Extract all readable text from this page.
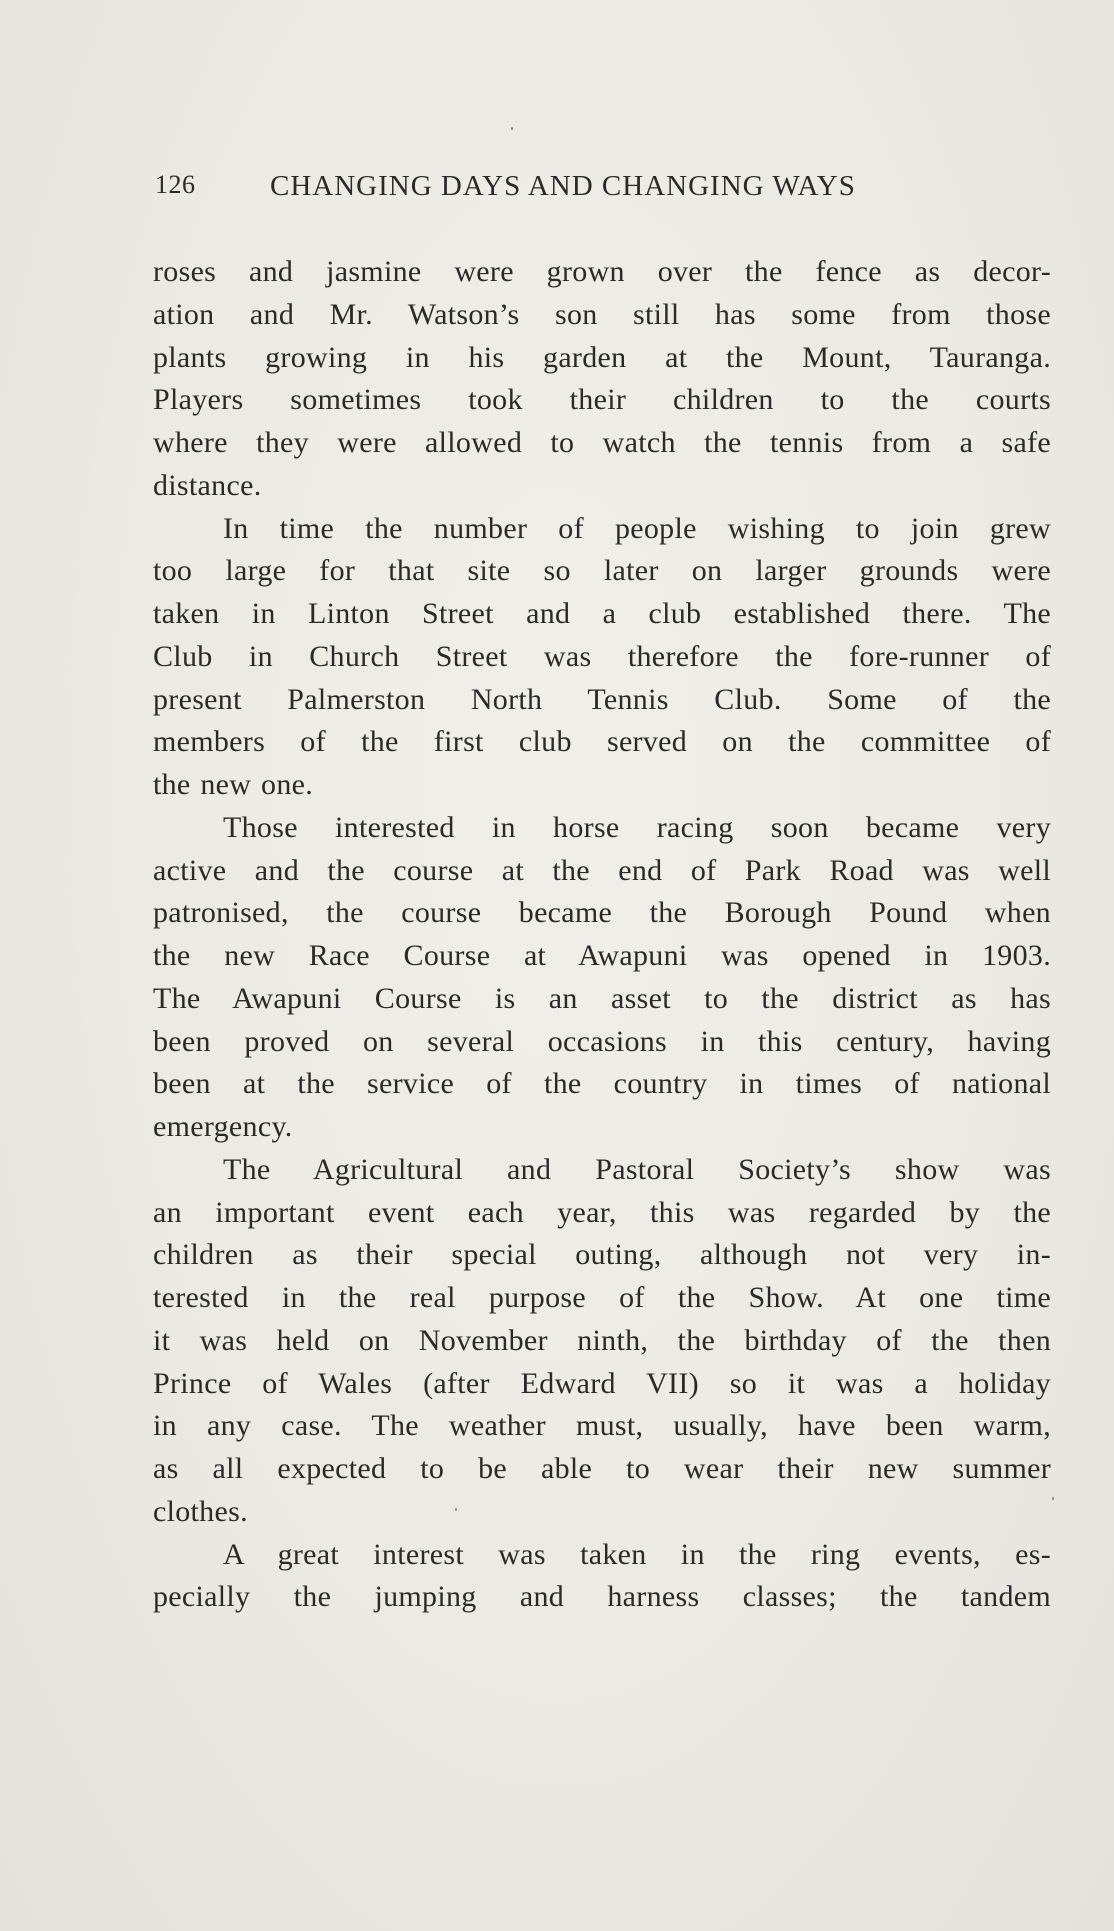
126	CHANGING DAYS AND CHANGING WAYS
roses and jasmine were grown over the fence as decor-
ation and Mr. Watson’s son still has some from those
plants growing in his garden at the Mount, Tauranga.
Players sometimes took their children to the courts
where they were allowed to watch the tennis from a safe
distance.
In time the number of people wishing to join grew
too large for that site so later on larger grounds were
taken in Linton Street and a club established there. The
Club in Church Street was therefore the fore-runner of
present Palmerston North Tennis Club. Some of the
members of the first club served on the committee of
the new one.
Those interested in horse racing soon became very
active and the course at the end of Park Road was well
patronised, the course became the Borough Pound when
the new Race Course at Awapuni was opened in 1903.
The Awapuni Course is an asset to the district as has
been proved on several occasions in this century, having
been at the service of the country in times of national
emergency.
The Agricultural and Pastoral Society’s show was
an important event each year, this was regarded by the
children as their special outing, although not very in-
terested in the real purpose of the Show. At one time
it was held on November ninth, the birthday of the then
Prince of Wales (after Edward VII) so it was a holiday
in any case. The weather must, usually, have been warm,
as all expected to be able to wear their new summer
clothes.
A great interest was taken in the ring events, es-
pecially the jumping and harness classes; the tandem
